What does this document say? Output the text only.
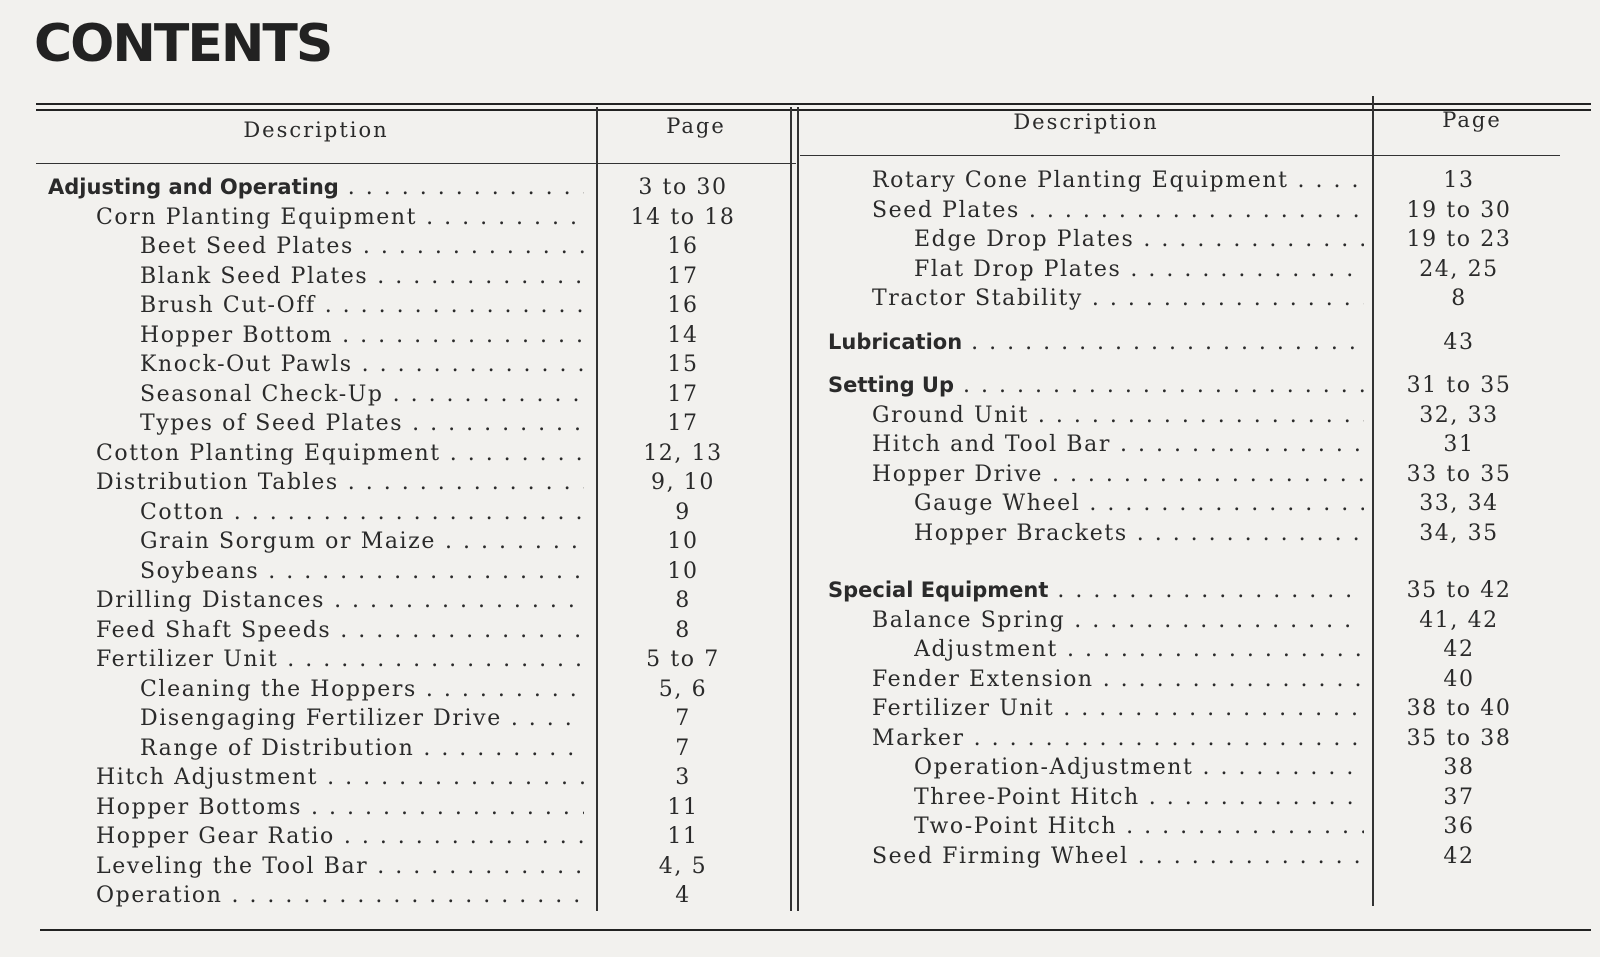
CONTENTS
Description	Page	Description	Page
Adjusting and Operating . . .	3 to 30
Corn Planting Equipment . . .	14 to 18
Beet Seed Plates . . .	16
Blank Seed Plates . . .	17
Brush Cut-Off . . .	16
Hopper Bottom . . .	14
Knock-Out Pawls . . .	15
Seasonal Check-Up . . .	17
Types of Seed Plates . . .	17
Cotton Planting Equipment . . .	12, 13
Distribution Tables . . .	9, 10
Cotton . . .	9
Grain Sorgum or Maize . . .	10
Soybeans . . .	10
Drilling Distances . . .	8
Feed Shaft Speeds . . .	8
Fertilizer Unit . . .	5 to 7
Cleaning the Hoppers . . .	5, 6
Disengaging Fertilizer Drive . . .	7
Range of Distribution . . .	7
Hitch Adjustment . . .	3
Hopper Bottoms . . .	11
Hopper Gear Ratio . . .	11
Leveling the Tool Bar . . .	4, 5
Operation . . .	4
Rotary Cone Planting Equipment . . .	13
Seed Plates . . .	19 to 30
Edge Drop Plates . . .	19 to 23
Flat Drop Plates . . .	24, 25
Tractor Stability . . .	8
Lubrication . . .	43
Setting Up . . .	31 to 35
Ground Unit . . .	32, 33
Hitch and Tool Bar . . .	31
Hopper Drive . . .	33 to 35
Gauge Wheel . . .	33, 34
Hopper Brackets . . .	34, 35
Special Equipment . . .	35 to 42
Balance Spring . . .	41, 42
Adjustment . . .	42
Fender Extension . . .	40
Fertilizer Unit . . .	38 to 40
Marker . . .	35 to 38
Operation-Adjustment . . .	38
Three-Point Hitch . . .	37
Two-Point Hitch . . .	36
Seed Firming Wheel . . .	42
